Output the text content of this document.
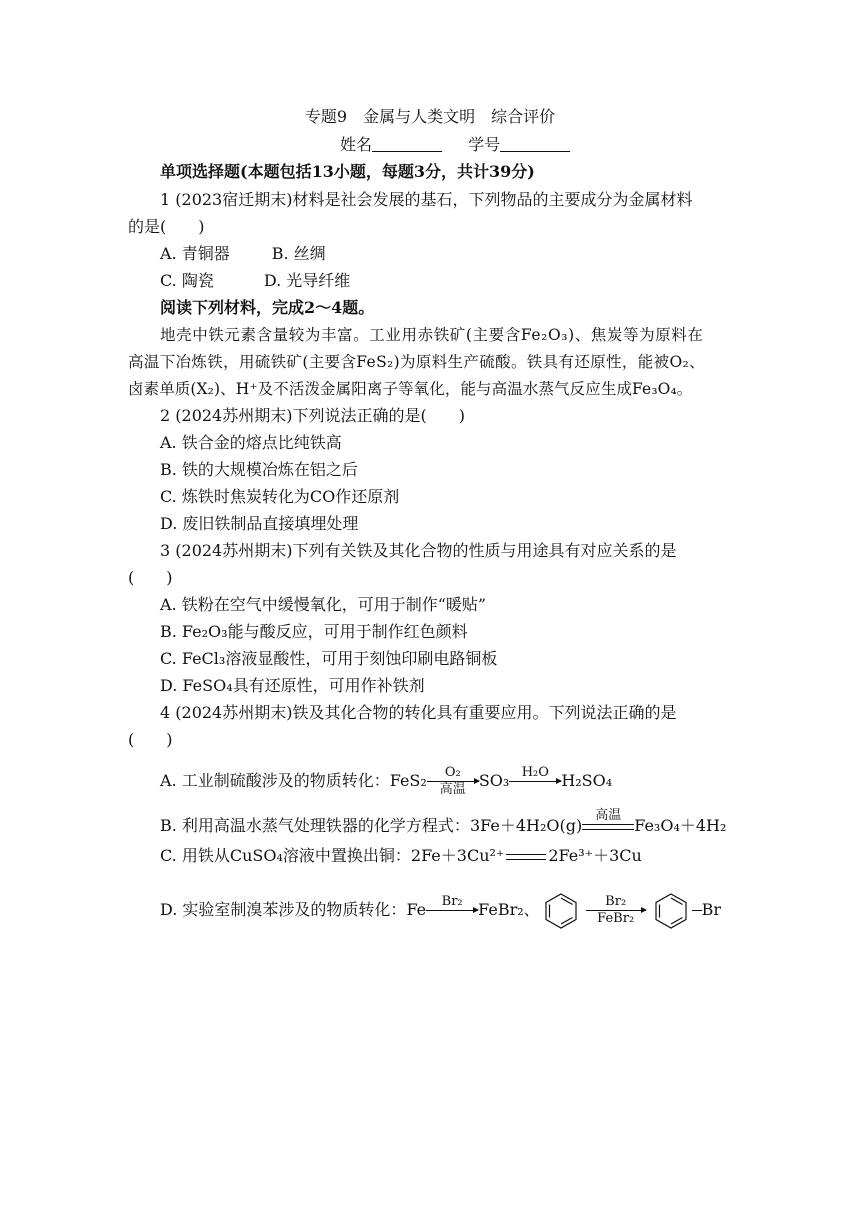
专题9　金属与人类文明　综合评价
姓名	学号
单项选择题(本题包括13小题，每题3分，共计39分)
1 (2023宿迁期末)材料是社会发展的基石，下列物品的主要成分为金属材料
的是(　　)
A. 青铜器	B. 丝绸
C. 陶瓷	D. 光导纤维
阅读下列材料，完成2～4题。
地壳中铁元素含量较为丰富。工业用赤铁矿(主要含Fe₂O₃)、焦炭等为原料在
高温下冶炼铁，用硫铁矿(主要含FeS₂)为原料生产硫酸。铁具有还原性，能被O₂、
卤素单质(X₂)、H⁺及不活泼金属阳离子等氧化，能与高温水蒸气反应生成Fe₃O₄。
2 (2024苏州期末)下列说法正确的是(　　)
A. 铁合金的熔点比纯铁高
B. 铁的大规模冶炼在铝之后
C. 炼铁时焦炭转化为CO作还原剂
D. 废旧铁制品直接填埋处理
3 (2024苏州期末)下列有关铁及其化合物的性质与用途具有对应关系的是
(　　)
A. 铁粉在空气中缓慢氧化，可用于制作“暖贴”
B. Fe₂O₃能与酸反应，可用于制作红色颜料
C. FeCl₃溶液显酸性，可用于刻蚀印刷电路铜板
D. FeSO₄具有还原性，可用作补铁剂
4 (2024苏州期末)铁及其化合物的转化具有重要应用。下列说法正确的是
(　　)
A. 工业制硫酸涉及的物质转化：FeS₂	O₂
高温 SO₃ H₂O H₂SO₄
B. 利用高温水蒸气处理铁器的化学方程式：3Fe＋4H₂O(g)
高温
Fe₃O₄＋4H₂
C. 用铁从CuSO₄溶液中置换出铜：2Fe＋3Cu²⁺	2Fe³⁺＋3Cu
D. 实验室制溴苯涉及的物质转化：Fe	Br₂ FeBr₂、	Br₂
FeBr₂	Br
